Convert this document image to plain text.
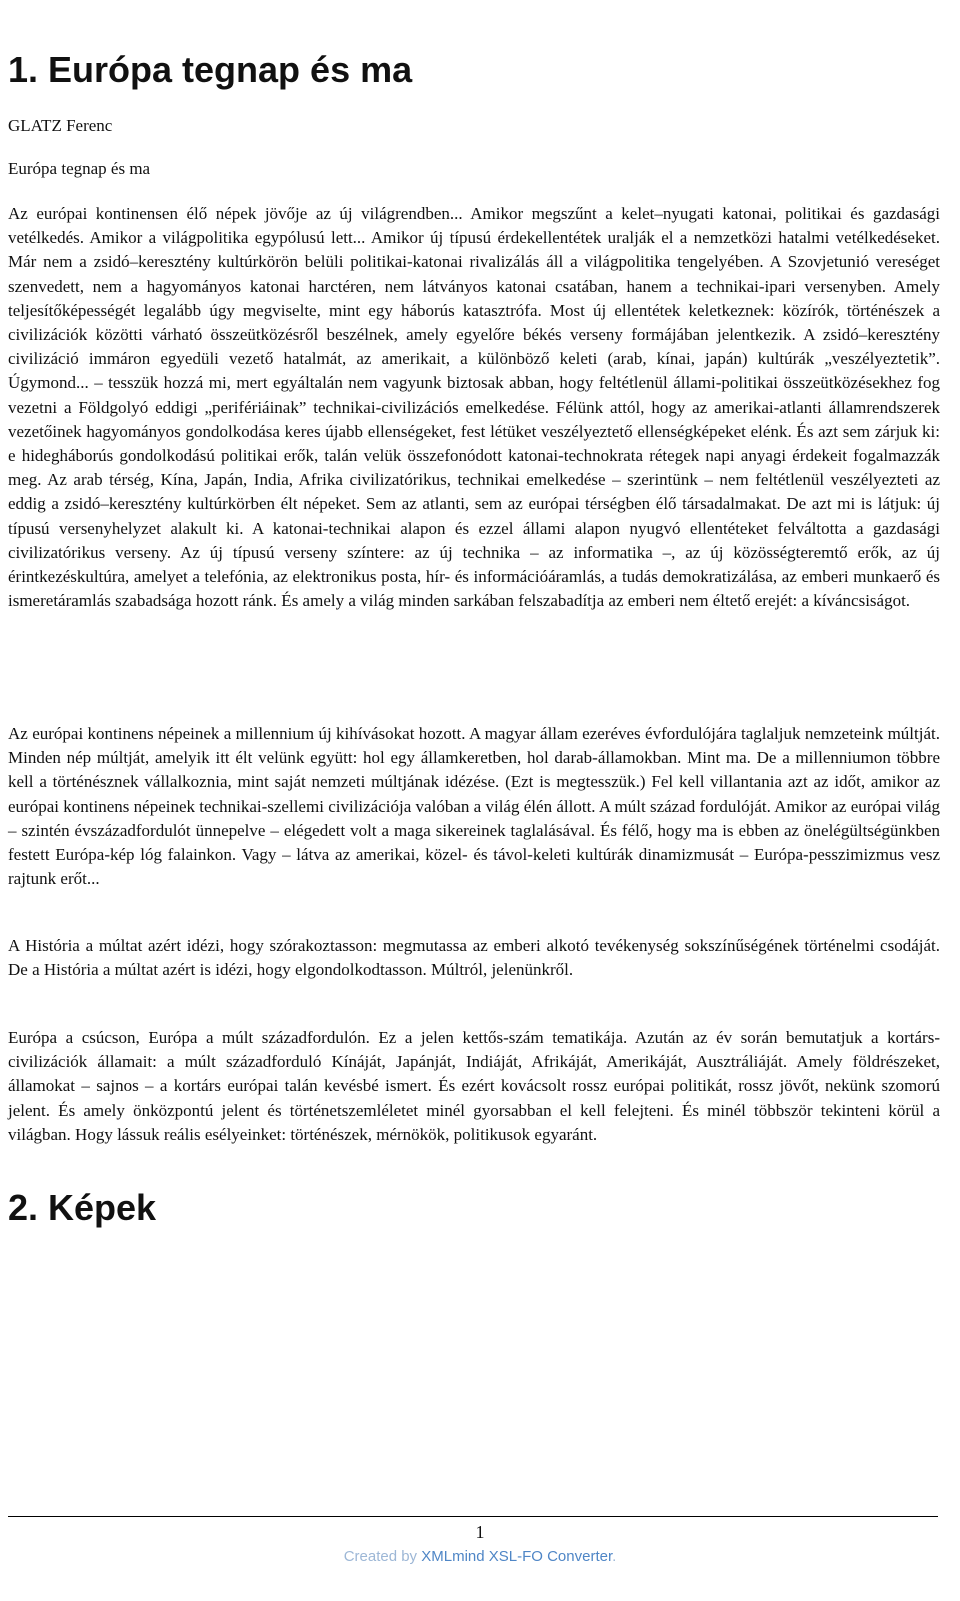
1. Európa tegnap és ma

GLATZ Ferenc

Európa tegnap és ma

Az európai kontinensen élő népek jövője az új világrendben... Amikor megszűnt a kelet–nyugati katonai, politikai és gazdasági vetélkedés. Amikor a világpolitika egypólusú lett... Amikor új típusú érdekellentétek uralják el a nemzetközi hatalmi vetélkedéseket. Már nem a zsidó–keresztény kultúrkörön belüli politikai-katonai rivalizálás áll a világpolitika tengelyében. A Szovjetunió vereséget szenvedett, nem a hagyományos katonai harctéren, nem látványos katonai csatában, hanem a technikai-ipari versenyben. Amely teljesítőképességét legalább úgy megviselte, mint egy háborús katasztrófa. Most új ellentétek keletkeznek: közírók, történészek a civilizációk közötti várható összeütközésről beszélnek, amely egyelőre békés verseny formájában jelentkezik. A zsidó–keresztény civilizáció immáron egyedüli vezető hatalmát, az amerikait, a különböző keleti (arab, kínai, japán) kultúrák „veszélyeztetik”. Úgymond... – tesszük hozzá mi, mert egyáltalán nem vagyunk biztosak abban, hogy feltétlenül állami-politikai összeütközésekhez fog vezetni a Földgolyó eddigi „perifériáinak” technikai-civilizációs emelkedése. Félünk attól, hogy az amerikai-atlanti államrendszerek vezetőinek hagyományos gondolkodása keres újabb ellenségeket, fest létüket veszélyeztető ellenségképeket elénk. És azt sem zárjuk ki: e hidegháborús gondolkodású politikai erők, talán velük összefonódott katonai-technokrata rétegek napi anyagi érdekeit fogalmazzák meg. Az arab térség, Kína, Japán, India, Afrika civilizatórikus, technikai emelkedése – szerintünk – nem feltétlenül veszélyezteti az eddig a zsidó–keresztény kultúrkörben élt népeket. Sem az atlanti, sem az európai térségben élő társadalmakat. De azt mi is látjuk: új típusú versenyhelyzet alakult ki. A katonai-technikai alapon és ezzel állami alapon nyugvó ellentéteket felváltotta a gazdasági civilizatórikus verseny. Az új típusú verseny színtere: az új technika – az informatika –, az új közösségteremtő erők, az új érintkezéskultúra, amelyet a telefónia, az elektronikus posta, hír- és információáramlás, a tudás demokratizálása, az emberi munkaerő és ismeretáramlás szabadsága hozott ránk. És amely a világ minden sarkában felszabadítja az emberi nem éltető erejét: a kíváncsiságot.

Az európai kontinens népeinek a millennium új kihívásokat hozott. A magyar állam ezeréves évfordulójára taglaljuk nemzeteink múltját. Minden nép múltját, amelyik itt élt velünk együtt: hol egy államkeretben, hol darab-államokban. Mint ma. De a millenniumon többre kell a történésznek vállalkoznia, mint saját nemzeti múltjának idézése. (Ezt is megtesszük.) Fel kell villantania azt az időt, amikor az európai kontinens népeinek technikai-szellemi civilizációja valóban a világ élén állott. A múlt század fordulóját. Amikor az európai világ – szintén évszázadfordulót ünnepelve – elégedett volt a maga sikereinek taglalásával. És félő, hogy ma is ebben az önelégültségünkben festett Európa-kép lóg falainkon. Vagy – látva az amerikai, közel- és távol-keleti kultúrák dinamizmusát – Európa-pesszimizmus vesz rajtunk erőt...

A História a múltat azért idézi, hogy szórakoztasson: megmutassa az emberi alkotó tevékenység sokszínűségének történelmi csodáját. De a História a múltat azért is idézi, hogy elgondolkodtasson. Múltról, jelenünkről.

Európa a csúcson, Európa a múlt századfordulón. Ez a jelen kettős-szám tematikája. Azután az év során bemutatjuk a kortárs-civilizációk államait: a múlt századforduló Kínáját, Japánját, Indiáját, Afrikáját, Amerikáját, Ausztráliáját. Amely földrészeket, államokat – sajnos – a kortárs európai talán kevésbé ismert. És ezért kovácsolt rossz európai politikát, rossz jövőt, nekünk szomorú jelent. És amely önközpontú jelent és történetszemléletet minél gyorsabban el kell felejteni. És minél többször tekinteni körül a világban. Hogy lássuk reális esélyeinket: történészek, mérnökök, politikusok egyaránt.

2. Képek
1
Created by XMLmind XSL-FO Converter.
